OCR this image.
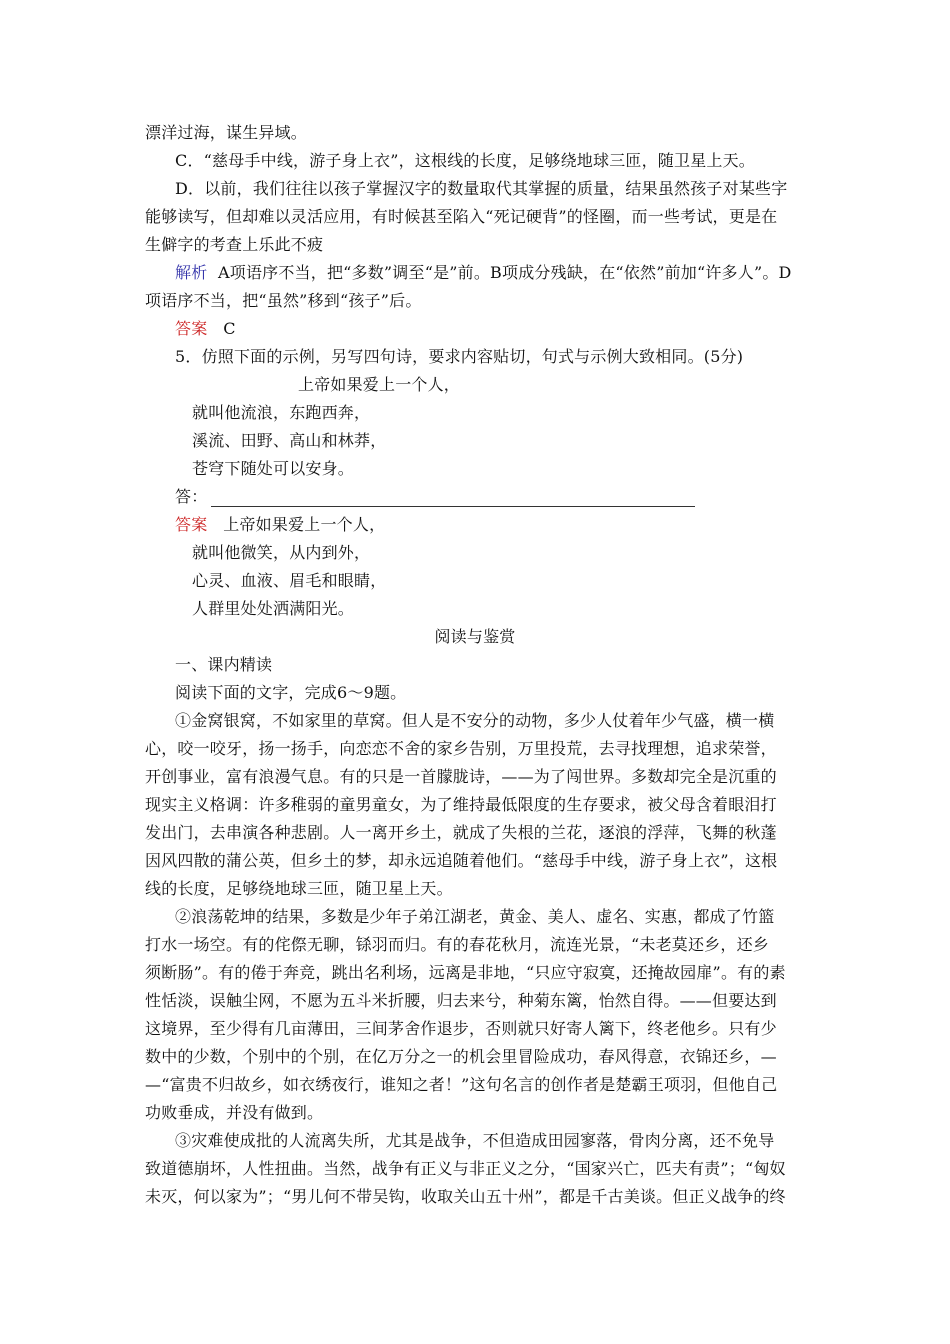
漂洋过海，谋生异域。
C．“慈母手中线，游子身上衣”，这根线的长度，足够绕地球三匝，随卫星上天。
D．以前，我们往往以孩子掌握汉字的数量取代其掌握的质量，结果虽然孩子对某些字
能够读写，但却难以灵活应用，有时候甚至陷入“死记硬背”的怪圈，而一些考试，更是在
生僻字的考查上乐此不疲
解析 A项语序不当，把“多数”调至“是”前。B项成分残缺，在“依然”前加“许多人”。D
项语序不当，把“虽然”移到“孩子”后。
答案 C
5．仿照下面的示例，另写四句诗，要求内容贴切，句式与示例大致相同。(5分)
上帝如果爱上一个人，
就叫他流浪，东跑西奔，
溪流、田野、高山和林莽，
苍穹下随处可以安身。
答：
答案 上帝如果爱上一个人，
就叫他微笑，从内到外，
心灵、血液、眉毛和眼睛，
人群里处处洒满阳光。
阅读与鉴赏
一、课内精读
阅读下面的文字，完成6～9题。
①金窝银窝，不如家里的草窝。但人是不安分的动物，多少人仗着年少气盛，横一横
心，咬一咬牙，扬一扬手，向恋恋不舍的家乡告别，万里投荒，去寻找理想，追求荣誉，
开创事业，富有浪漫气息。有的只是一首朦胧诗，——为了闯世界。多数却完全是沉重的
现实主义格调：许多稚弱的童男童女，为了维持最低限度的生存要求，被父母含着眼泪打
发出门，去串演各种悲剧。人一离开乡土，就成了失根的兰花，逐浪的浮萍，飞舞的秋蓬
因风四散的蒲公英，但乡土的梦，却永远追随着他们。“慈母手中线，游子身上衣”，这根
线的长度，足够绕地球三匝，随卫星上天。
②浪荡乾坤的结果，多数是少年子弟江湖老，黄金、美人、虚名、实惠，都成了竹篮
打水一场空。有的侘傺无聊，铩羽而归。有的春花秋月，流连光景，“未老莫还乡，还乡
须断肠”。有的倦于奔竞，跳出名利场，远离是非地，“只应守寂寞，还掩故园扉”。有的素
性恬淡，误触尘网，不愿为五斗米折腰，归去来兮，种菊东篱，怡然自得。——但要达到
这境界，至少得有几亩薄田，三间茅舍作退步，否则就只好寄人篱下，终老他乡。只有少
数中的少数，个别中的个别，在亿万分之一的机会里冒险成功，春风得意，衣锦还乡，—
—“富贵不归故乡，如衣绣夜行，谁知之者！”这句名言的创作者是楚霸王项羽，但他自己
功败垂成，并没有做到。
③灾难使成批的人流离失所，尤其是战争，不但造成田园寥落，骨肉分离，还不免导
致道德崩坏，人性扭曲。当然，战争有正义与非正义之分，“国家兴亡，匹夫有责”；“匈奴
未灭，何以家为”；“男儿何不带吴钩，收取关山五十州”，都是千古美谈。但正义战争的终
